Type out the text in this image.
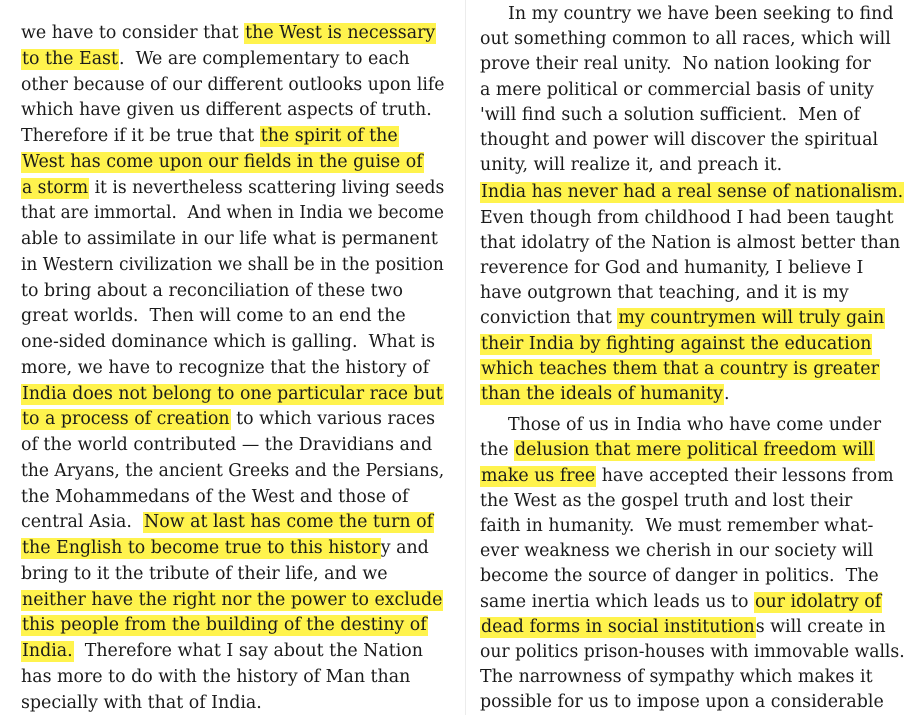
we have to consider that the West is necessary
to the East.  We are complementary to each
other because of our different outlooks upon life
which have given us different aspects of truth.
Therefore if it be true that the spirit of the
West has come upon our fields in the guise of
a storm it is nevertheless scattering living seeds
that are immortal.  And when in India we become
able to assimilate in our life what is permanent
in Western civilization we shall be in the position
to bring about a reconciliation of these two
great worlds.  Then will come to an end the
one-sided dominance which is galling.  What is
more, we have to recognize that the history of
India does not belong to one particular race but
to a process of creation to which various races
of the world contributed — the Dravidians and
the Aryans, the ancient Greeks and the Persians,
the Mohammedans of the West and those of
central Asia.  Now at last has come the turn of
the English to become true to this history and
bring to it the tribute of their life, and we
neither have the right nor the power to exclude
this people from the building of the destiny of
India.  Therefore what I say about the Nation
has more to do with the history of Man than
specially with that of India.
In my country we have been seeking to find
out something common to all races, which will
prove their real unity.  No nation looking for
a mere political or commercial basis of unity
'will find such a solution sufficient.  Men of
thought and power will discover the spiritual
unity, will realize it, and preach it.
India has never had a real sense of nationalism.
Even though from childhood I had been taught
that idolatry of the Nation is almost better than
reverence for God and humanity, I believe I
have outgrown that teaching, and it is my
conviction that my countrymen will truly gain
their India by fighting against the education
which teaches them that a country is greater
than the ideals of humanity.
Those of us in India who have come under
the delusion that mere political freedom will
make us free have accepted their lessons from
the West as the gospel truth and lost their
faith in humanity.  We must remember what-
ever weakness we cherish in our society will
become the source of danger in politics.  The
same inertia which leads us to our idolatry of
dead forms in social institutions will create in
our politics prison-houses with immovable walls.
The narrowness of sympathy which makes it
possible for us to impose upon a considerable
